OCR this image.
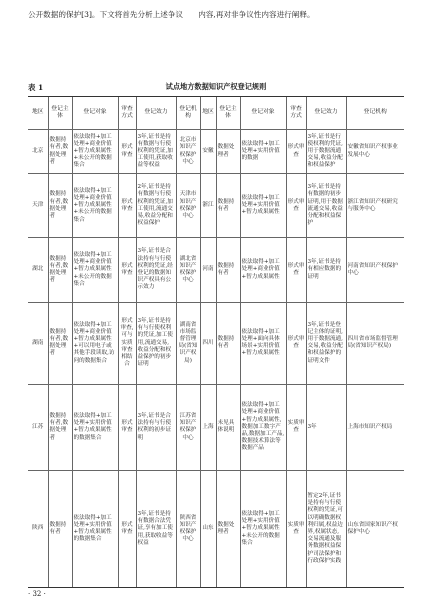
公开数据的保护[3]。下文将首先分析上述争议　　内容,再对非争议性内容进行阐释。
表 1	试点地方数据知识产权登记规则
地区	登记主体	登记对象	审查方式	登记效力	登记机构	地区	登记主体	登记对象	审查方式	登记效力	登记机构
北京	数据持有者,数据处理者	依法取得+加工处理+商业价值+智力成果属性+未公开的数据集合	形式审查	3年,证书是持有数据与行使权利的凭证,加工使用,获取收益等权益	北京市知识产权保护中心	安徽	数据处理者	依法取得+加工处理+实用价值的数据	形式审查	3年,证书是行使权利的凭证,用于数据流通交易,收益分配和权益保护	安徽省知识产权事业发展中心
天津	数据持有者,数据处理者	依法取得+加工处理+商业价值+智力成果属性+未公开的数据集合	形式审查	2年,证书是持有数据与行使权利的凭证,加工使用,流通交易,收益分配和权益保护	天津市知识产权保护中心	浙江	数据持有者	依法取得+加工处理+实用价值+智力成果属性	形式审查	3年,证书是持有数据的初步证明,用于数据流通交易,收益分配和权益保护	浙江省知识产权研究与服务中心
湖北	数据持有者,数据处理者	依法取得+加工处理+商业价值+智力成果属性+未公开的数据集合	形式审查	3年,证书是合法持有与行使权利的凭证,经登记的数据知识产权具有公示效力	湖北省知识产权保护中心	河南	数据持有者	依法取得+加工处理+商业价值+智力成果属性	形式审查	3年,证书是持有相应数据的证明	河南省知识产权保护中心
湖南	数据持有者,数据处理者	依法取得+加工处理+商业价值+智力成果属性+可以用电子或其他手段读取,访问的数据集合	形式审查,可与实质审查相结合	3年,证书是持有与行使权利的凭证,加工使用,流通交易,收益分配和权益保护的初步证明	湖南省市场监督管理局(省知识产权局)	四川	数据持有者	依法取得+加工处理+面向具体场景+实用价值+智力成果属性	形式审查	3年,证书是登记主体的证明,用于数据流通,交易,收益分配和权益保护的证明文件	四川省市场监督管理局(省知识产权局)
江苏	数据持有者,数据处理者	依法取得+加工处理+实用价值+智力成果属性的数据集合	形式审查	3年,证书是合法持有与行使权利的初步证明	江苏省知识产权保护中心	上海	未见具体说明	依法取得+加工处理+商业价值+智力成果属性,数据加工数字产品,数据加工产品,数据技术算法等数据产品	实质审查	3年	上海市知识产权局
陕西	数据持有者	依法取得+加工处理+实用价值+智力成果属性的数据集合	形式审查	3年,证书是持有数据合法凭证,享有加工使用,获取收益等权益	陕西省知识产权保护中心	山东	数据处理者	依法取得+加工处理+实用价值+智力成果属性+未公开的数据集合	实质审查	暂定2年,证书是持有与行使权利的凭证,可以明确数据权利归属,权益边界,权属状态,交易流通及服务数据权益保护司法保护和行政保护实践	山东省国家知识产权保护中心
· 32 ·
